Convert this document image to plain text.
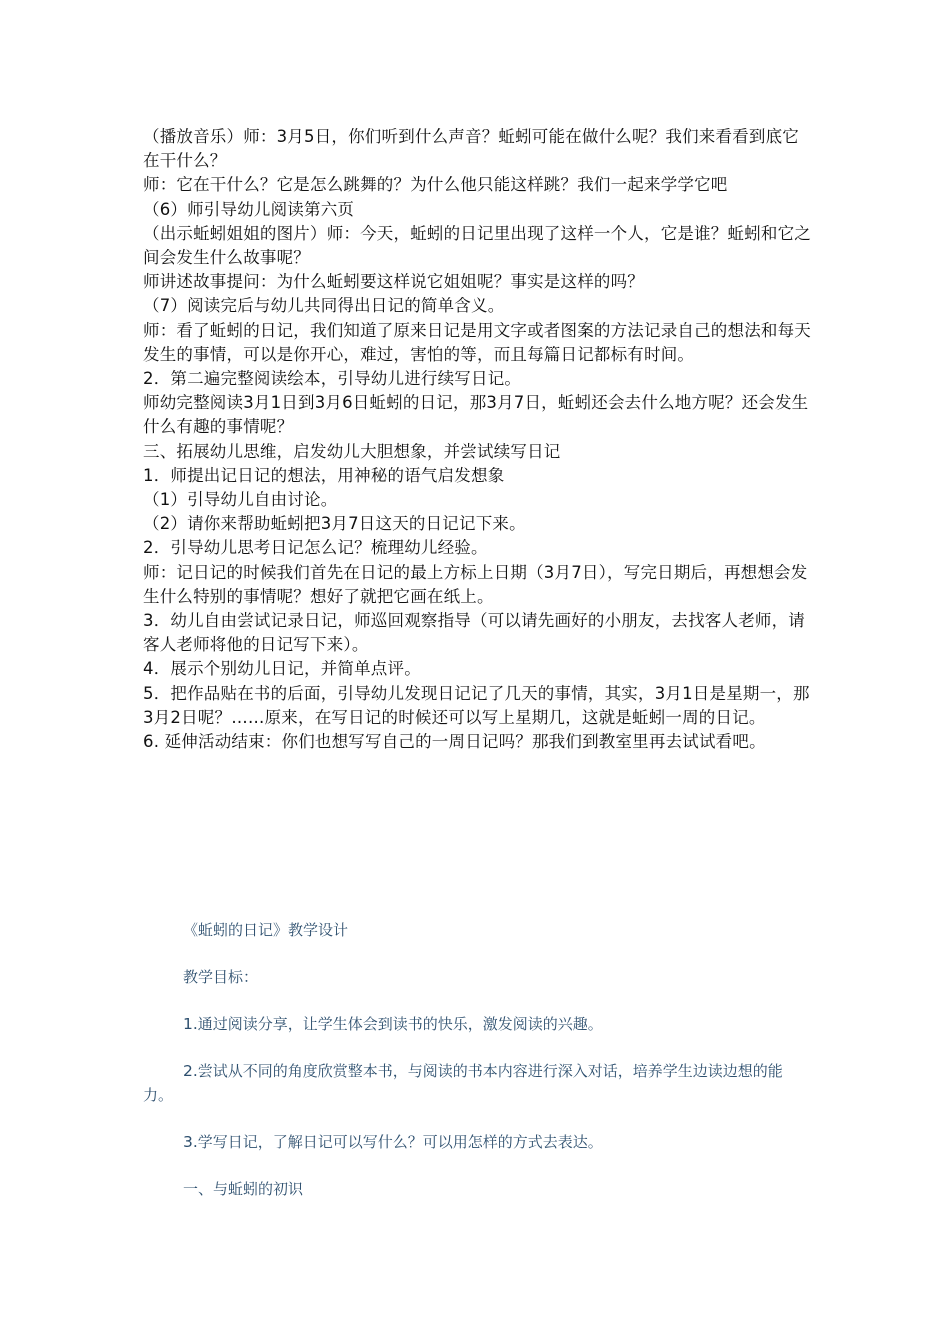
（播放音乐）师：3月5日，你们听到什么声音？蚯蚓可能在做什么呢？我们来看看到底它在干什么？

师：它在干什么？它是怎么跳舞的？为什么他只能这样跳？我们一起来学学它吧

（6）师引导幼儿阅读第六页

（出示蚯蚓姐姐的图片）师：今天，蚯蚓的日记里出现了这样一个人，它是谁？蚯蚓和它之间会发生什么故事呢？

师讲述故事提问：为什么蚯蚓要这样说它姐姐呢？事实是这样的吗？

（7）阅读完后与幼儿共同得出日记的简单含义。

师：看了蚯蚓的日记，我们知道了原来日记是用文字或者图案的方法记录自己的想法和每天发生的事情，可以是你开心，难过，害怕的等，而且每篇日记都标有时间。

2．第二遍完整阅读绘本，引导幼儿进行续写日记。

师幼完整阅读3月1日到3月6日蚯蚓的日记，那3月7日，蚯蚓还会去什么地方呢？还会发生什么有趣的事情呢？

三、拓展幼儿思维，启发幼儿大胆想象，并尝试续写日记

1．师提出记日记的想法，用神秘的语气启发想象

（1）引导幼儿自由讨论。

（2）请你来帮助蚯蚓把3月7日这天的日记记下来。

2．引导幼儿思考日记怎么记？梳理幼儿经验。

师：记日记的时候我们首先在日记的最上方标上日期（3月7日），写完日期后，再想想会发生什么特别的事情呢？想好了就把它画在纸上。

3．幼儿自由尝试记录日记，师巡回观察指导（可以请先画好的小朋友，去找客人老师，请客人老师将他的日记写下来）。

4．展示个别幼儿日记，并简单点评。

5．把作品贴在书的后面，引导幼儿发现日记记了几天的事情，其实，3月1日是星期一，那3月2日呢？……原来，在写日记的时候还可以写上星期几，这就是蚯蚓一周的日记。

6. 延伸活动结束：你们也想写写自己的一周日记吗？那我们到教室里再去试试看吧。

《蚯蚓的日记》教学设计

教学目标：

1.通过阅读分享，让学生体会到读书的快乐，激发阅读的兴趣。

2.尝试从不同的角度欣赏整本书，与阅读的书本内容进行深入对话，培养学生边读边想的能力。

3.学写日记，了解日记可以写什么？可以用怎样的方式去表达。

一、与蚯蚓的初识
